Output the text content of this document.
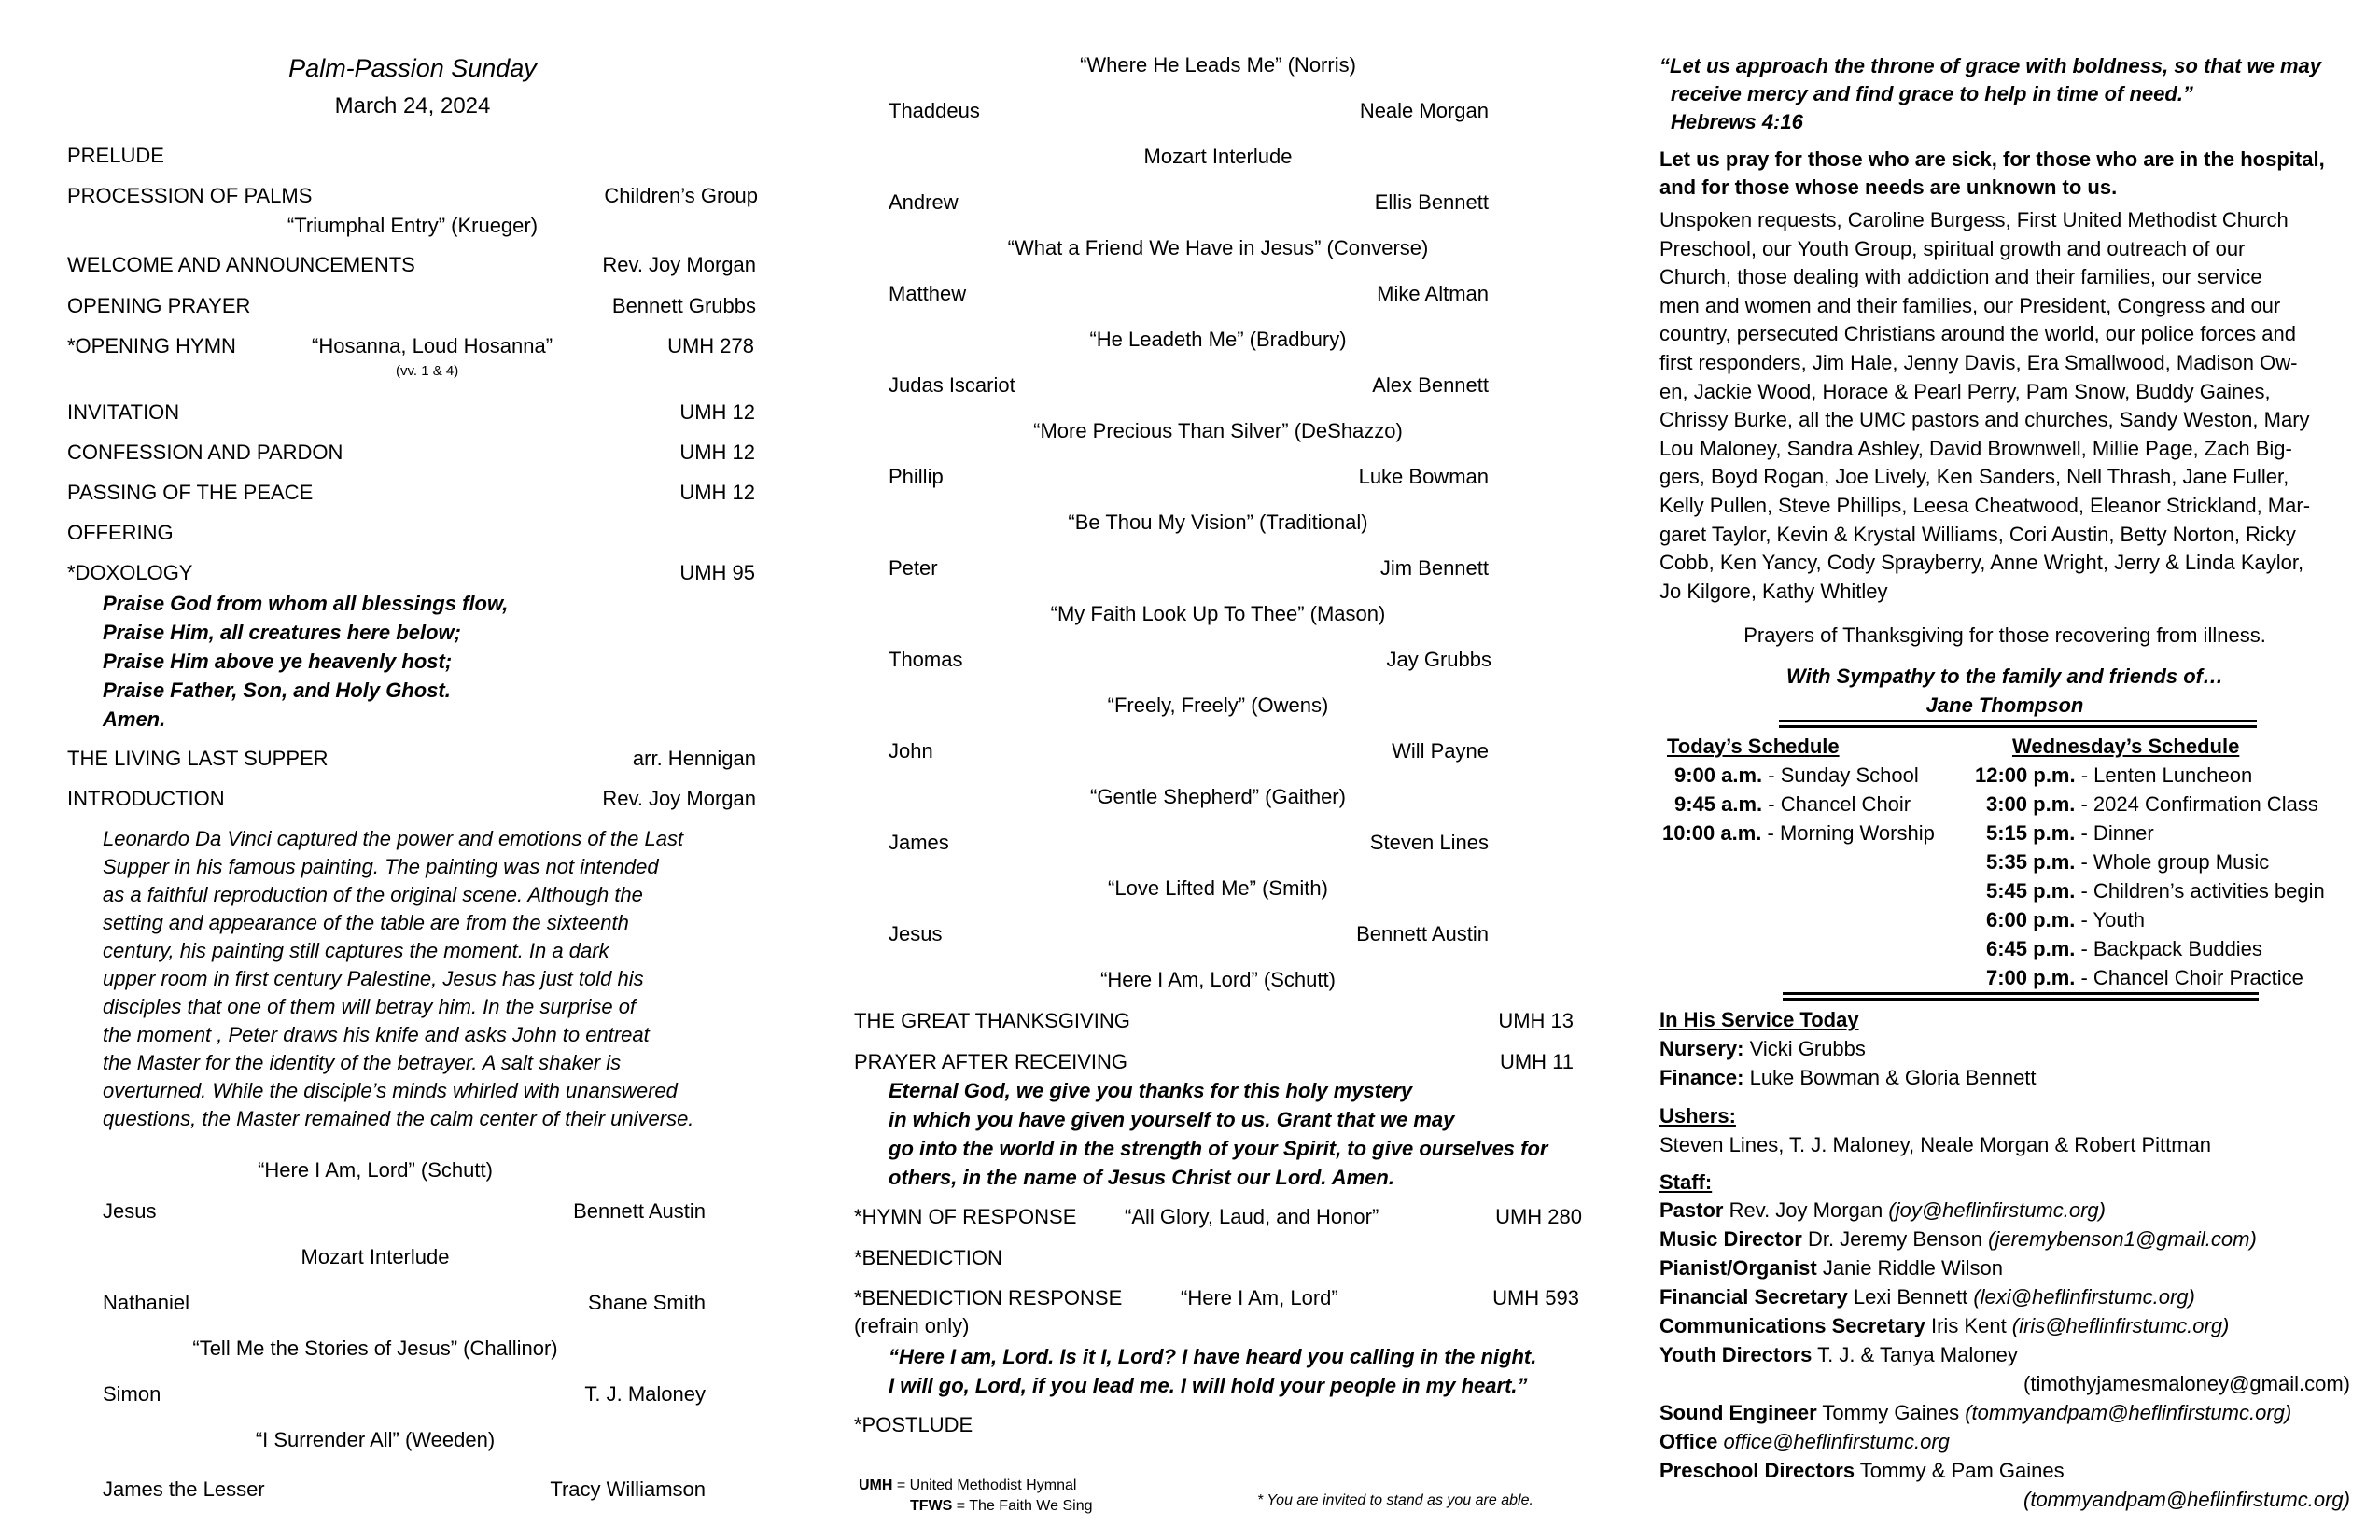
Palm-Passion Sunday
March 24, 2024
PRELUDE
PROCESSION OF PALMS	Children’s Group
“Triumphal Entry” (Krueger)
WELCOME AND ANNOUNCEMENTS	Rev. Joy Morgan
OPENING PRAYER	Bennett Grubbs
*OPENING HYMN	“Hosanna, Loud Hosanna”	UMH 278
(vv. 1 & 4)
INVITATION	UMH 12
CONFESSION AND PARDON	UMH 12
PASSING OF THE PEACE	UMH 12
OFFERING
*DOXOLOGY	UMH 95
Praise God from whom all blessings flow,
Praise Him, all creatures here below;
Praise Him above ye heavenly host;
Praise Father, Son, and Holy Ghost.
Amen.
THE LIVING LAST SUPPER	arr. Hennigan
INTRODUCTION	Rev. Joy Morgan
Leonardo Da Vinci captured the power and emotions of the Last
Supper in his famous painting. The painting was not intended
as a faithful reproduction of the original scene. Although the
setting and appearance of the table are from the sixteenth
century, his painting still captures the moment. In a dark
upper room in first century Palestine, Jesus has just told his
disciples that one of them will betray him. In the surprise of
the moment , Peter draws his knife and asks John to entreat
the Master for the identity of the betrayer. A salt shaker is
overturned. While the disciple’s minds whirled with unanswered
questions, the Master remained the calm center of their universe.
“Here I Am, Lord” (Schutt)
Jesus	Bennett Austin
Mozart Interlude
Nathaniel	Shane Smith
“Tell Me the Stories of Jesus” (Challinor)
Simon	T. J. Maloney
“I Surrender All” (Weeden)
James the Lesser	Tracy Williamson
“Where He Leads Me” (Norris)
Thaddeus	Neale Morgan
Mozart Interlude
Andrew	Ellis Bennett
“What a Friend We Have in Jesus” (Converse)
Matthew	Mike Altman
“He Leadeth Me” (Bradbury)
Judas Iscariot	Alex Bennett
“More Precious Than Silver” (DeShazzo)
Phillip	Luke Bowman
“Be Thou My Vision” (Traditional)
Peter	Jim Bennett
“My Faith Look Up To Thee” (Mason)
Thomas	Jay Grubbs
“Freely, Freely” (Owens)
John	Will Payne
“Gentle Shepherd” (Gaither)
James	Steven Lines
“Love Lifted Me” (Smith)
Jesus	Bennett Austin
“Here I Am, Lord” (Schutt)
THE GREAT THANKSGIVING	UMH 13
PRAYER AFTER RECEIVING	UMH 11
Eternal God, we give you thanks for this holy mystery
in which you have given yourself to us. Grant that we may
go into the world in the strength of your Spirit, to give ourselves for
others, in the name of Jesus Christ our Lord. Amen.
*HYMN OF RESPONSE “All Glory, Laud, and Honor”	UMH 280
*BENEDICTION
*BENEDICTION RESPONSE	“Here I Am, Lord”	UMH 593
(refrain only)
“Here I am, Lord. Is it I, Lord? I have heard you calling in the night.
I will go, Lord, if you lead me. I will hold your people in my heart.”
*POSTLUDE
UMH = United Methodist Hymnal
TFWS = The Faith We Sing	* You are invited to stand as you are able.
“Let us approach the throne of grace with boldness, so that we may
receive mercy and find grace to help in time of need.”
Hebrews 4:16
Let us pray for those who are sick, for those who are in the hospital,
and for those whose needs are unknown to us.
Unspoken requests, Caroline Burgess, First United Methodist Church
Preschool, our Youth Group, spiritual growth and outreach of our
Church, those dealing with addiction and their families, our service
men and women and their families, our President, Congress and our
country, persecuted Christians around the world, our police forces and
first responders, Jim Hale, Jenny Davis, Era Smallwood, Madison Ow-
en, Jackie Wood, Horace & Pearl Perry, Pam Snow, Buddy Gaines,
Chrissy Burke, all the UMC pastors and churches, Sandy Weston, Mary
Lou Maloney, Sandra Ashley, David Brownwell, Millie Page, Zach Big-
gers, Boyd Rogan, Joe Lively, Ken Sanders, Nell Thrash, Jane Fuller,
Kelly Pullen, Steve Phillips, Leesa Cheatwood, Eleanor Strickland, Mar-
garet Taylor, Kevin & Krystal Williams, Cori Austin, Betty Norton, Ricky
Cobb, Ken Yancy, Cody Sprayberry, Anne Wright, Jerry & Linda Kaylor,
Jo Kilgore, Kathy Whitley
Prayers of Thanksgiving for those recovering from illness.
With Sympathy to the family and friends of…
Jane Thompson
Today’s Schedule
9:00 a.m. - Sunday School
9:45 a.m. - Chancel Choir
10:00 a.m. - Morning Worship
Wednesday’s Schedule
12:00 p.m. - Lenten Luncheon
3:00 p.m. - 2024 Confirmation Class
5:15 p.m. - Dinner
5:35 p.m. - Whole group Music
5:45 p.m. - Children’s activities begin
6:00 p.m. - Youth
6:45 p.m. - Backpack Buddies
7:00 p.m. - Chancel Choir Practice
In His Service Today
Nursery: Vicki Grubbs
Finance: Luke Bowman & Gloria Bennett
Ushers:
Steven Lines, T. J. Maloney, Neale Morgan & Robert Pittman
Staff:
Pastor Rev. Joy Morgan (joy@heflinfirstumc.org)
Music Director Dr. Jeremy Benson (jeremybenson1@gmail.com)
Pianist/Organist Janie Riddle Wilson
Financial Secretary Lexi Bennett (lexi@heflinfirstumc.org)
Communications Secretary Iris Kent (iris@heflinfirstumc.org)
Youth Directors T. J. & Tanya Maloney
(timothyjamesmaloney@gmail.com)
Sound Engineer Tommy Gaines (tommyandpam@heflinfirstumc.org)
Office office@heflinfirstumc.org
Preschool Directors Tommy & Pam Gaines
(tommyandpam@heflinfirstumc.org)
